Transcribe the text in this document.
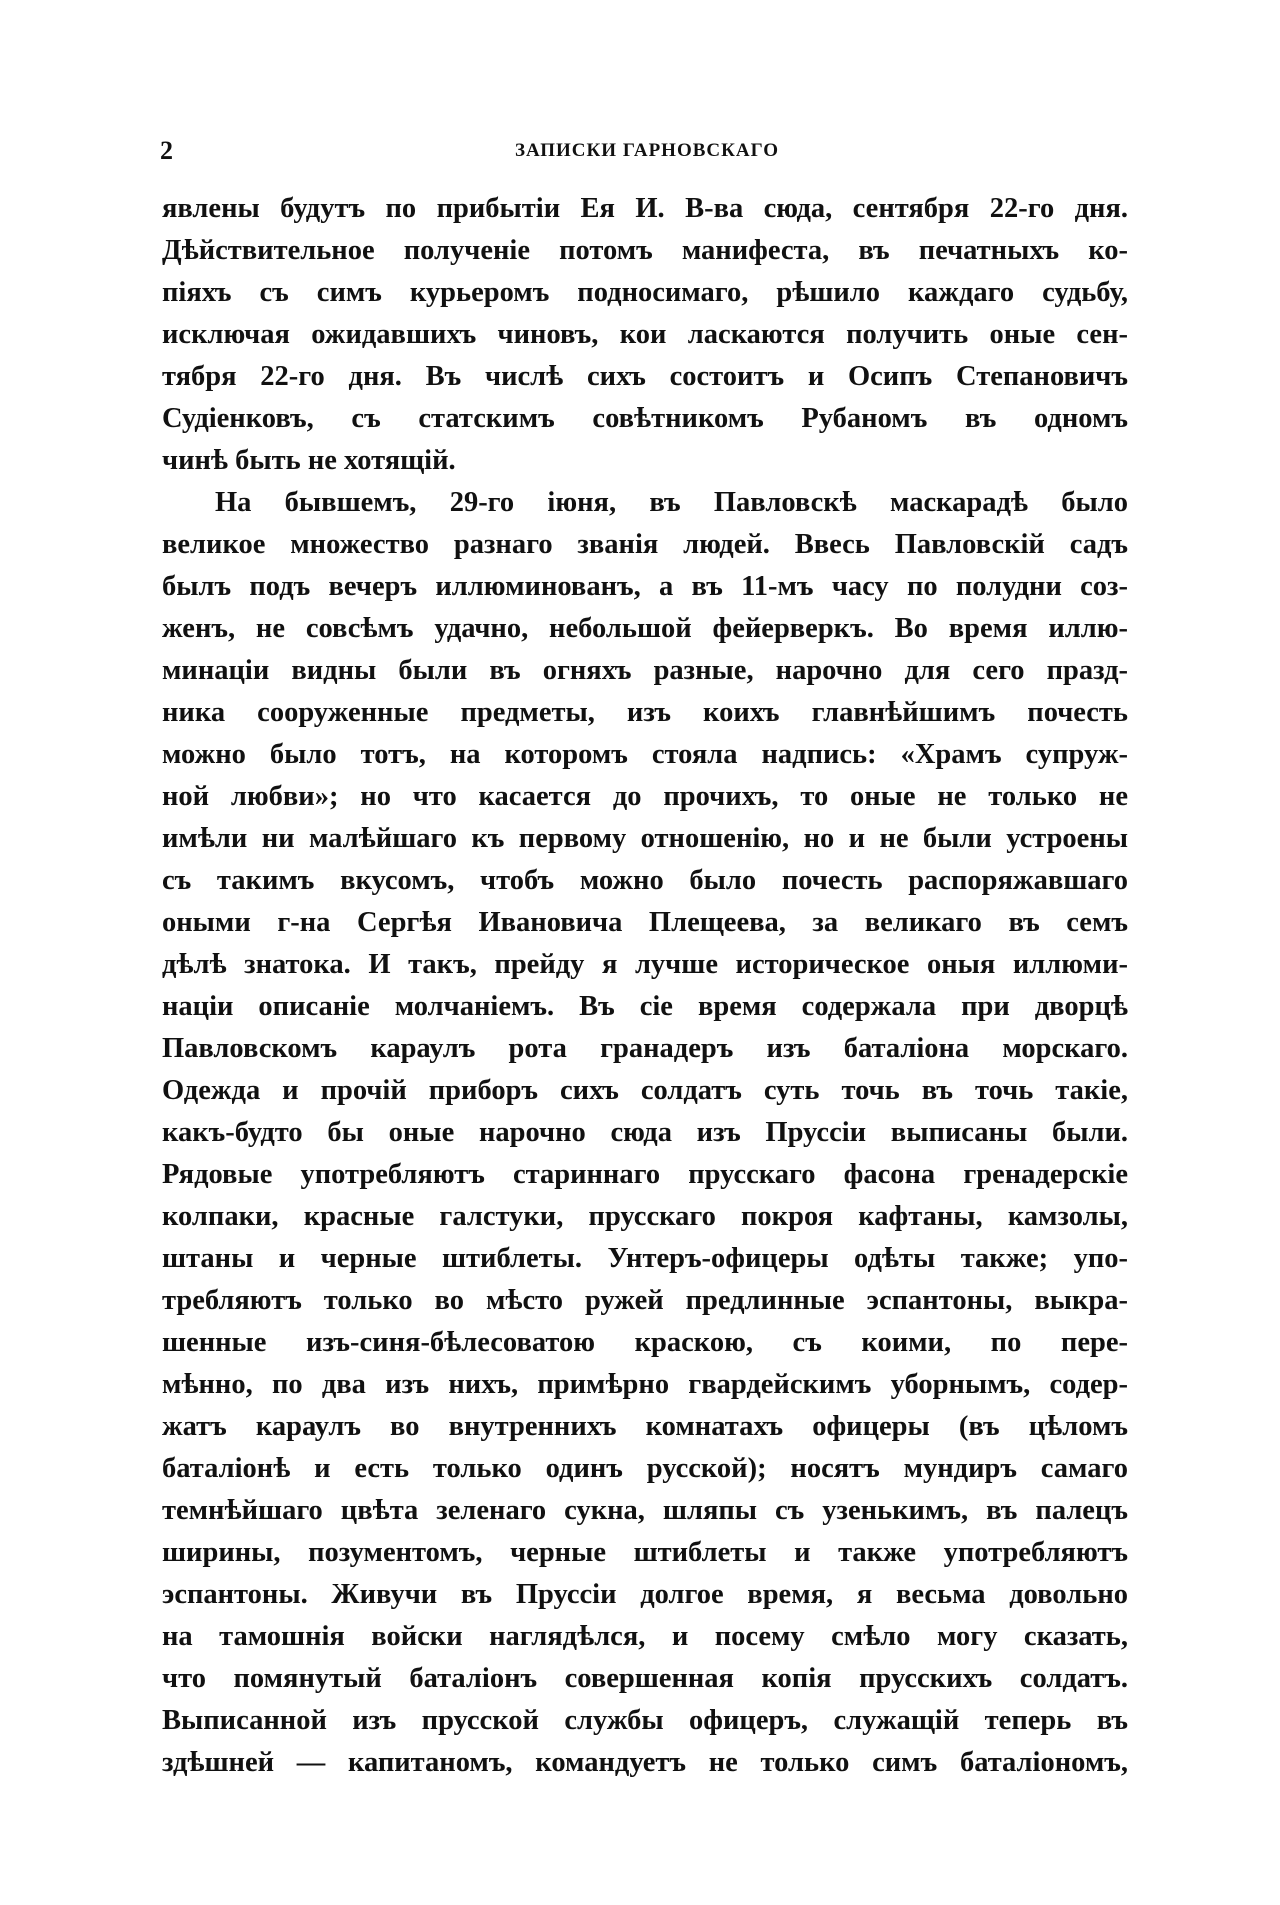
2	ЗАПИСКИ ГАРНОВСКАГО
явлены будутъ по прибытіи Ея И. В-ва сюда, сентября 22-го дня.
Дѣйствительное полученіе потомъ манифеста, въ печатныхъ ко-
піяхъ съ симъ курьеромъ подносимаго, рѣшило каждаго судьбу,
исключая ожидавшихъ чиновъ, кои ласкаются получить оные сен-
тября 22-го дня. Въ числѣ сихъ состоитъ и Осипъ Степановичъ
Судіенковъ, съ статскимъ совѣтникомъ Рубаномъ въ одномъ
чинѣ быть не хотящій.
На бывшемъ, 29-го іюня, въ Павловскѣ маскарадѣ было
великое множество разнаго званія людей. Ввесь Павловскій садъ
былъ подъ вечеръ иллюминованъ, а въ 11-мъ часу по полудни соз-
женъ, не совсѣмъ удачно, небольшой фейерверкъ. Во время иллю-
минаціи видны были въ огняхъ разные, нарочно для сего празд-
ника сооруженные предметы, изъ коихъ главнѣйшимъ почесть
можно было тотъ, на которомъ стояла надпись: «Храмъ супруж-
ной любви»; но что касается до прочихъ, то оные не только не
имѣли ни малѣйшаго къ первому отношенію, но и не были устроены
съ такимъ вкусомъ, чтобъ можно было почесть распоряжавшаго
оными г-на Сергѣя Ивановича Плещеева, за великаго въ семъ
дѣлѣ знатока. И такъ, прейду я лучше историческое оныя иллюми-
націи описаніе молчаніемъ. Въ сіе время содержала при дворцѣ
Павловскомъ караулъ рота гранадеръ изъ баталіона морскаго.
Одежда и прочій приборъ сихъ солдатъ суть точь въ точь такіе,
какъ-будто бы оные нарочно сюда изъ Пруссіи выписаны были.
Рядовые употребляютъ стариннаго прусскаго фасона гренадерскіе
колпаки, красные галстуки, прусскаго покроя кафтаны, камзолы,
штаны и черные штиблеты. Унтеръ-офицеры одѣты также; упо-
требляютъ только во мѣсто ружей предлинные эспантоны, выкра-
шенные изъ-синя-бѣлесоватою краскою, съ коими, по пере-
мѣнно, по два изъ нихъ, примѣрно гвардейскимъ уборнымъ, содер-
жатъ караулъ во внутреннихъ комнатахъ офицеры (въ цѣломъ
баталіонѣ и есть только одинъ русской); носятъ мундиръ самаго
темнѣйшаго цвѣта зеленаго сукна, шляпы съ узенькимъ, въ палецъ
ширины, позументомъ, черные штиблеты и также употребляютъ
эспантоны. Живучи въ Пруссіи долгое время, я весьма довольно
на тамошнія войски наглядѣлся, и посему смѣло могу сказать,
что помянутый баталіонъ совершенная копія прусскихъ солдатъ.
Выписанной изъ прусской службы офицеръ, служащій теперь въ
здѣшней — капитаномъ, командуетъ не только симъ баталіономъ,
